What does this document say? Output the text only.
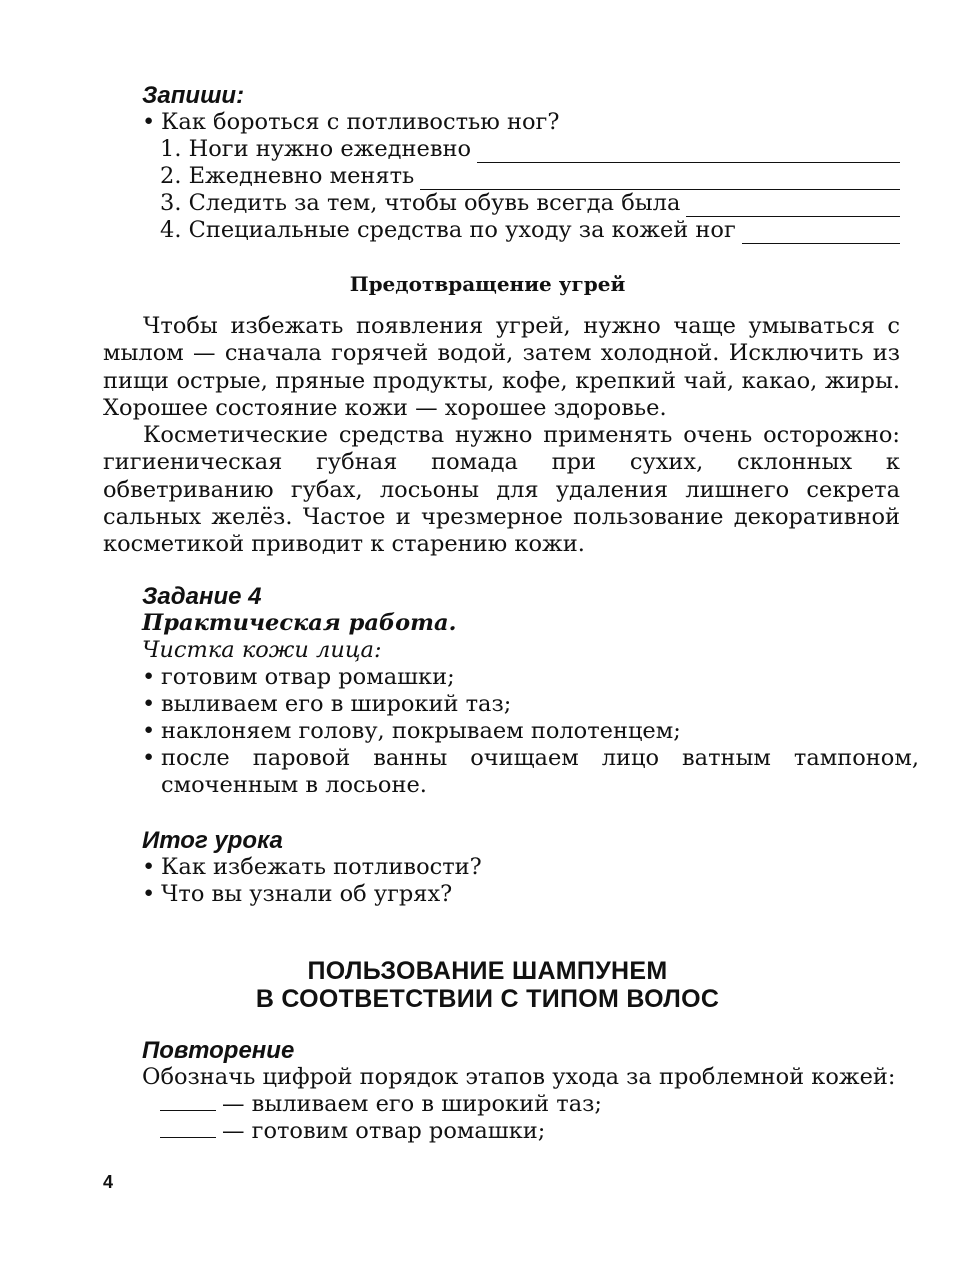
Запиши:
• Как бороться с потливостью ног?
1. Ноги нужно ежедневно
2. Ежедневно менять
3. Следить за тем, чтобы обувь всегда была
4. Специальные средства по уходу за кожей ног
Предотвращение угрей
Чтобы избежать появления угрей, нужно чаще умываться с мылом — сначала горячей водой, затем холодной. Исключить из пищи острые, пряные продукты, кофе, крепкий чай, какао, жиры. Хорошее состояние кожи — хорошее здоровье.
Косметические средства нужно применять очень осторожно: гигиеническая губная помада при сухих, склонных к обветриванию губах, лосьоны для удаления лишнего секрета сальных желёз. Частое и чрезмерное пользование декоративной косметикой приводит к старению кожи.
Задание 4
Практическая работа.
Чистка кожи лица:
• готовим отвар ромашки;
• выливаем его в широкий таз;
• наклоняем голову, покрываем полотенцем;
• после паровой ванны очищаем лицо ватным тампоном, смоченным в лосьоне.
Итог урока
• Как избежать потливости?
• Что вы узнали об угрях?
ПОЛЬЗОВАНИЕ ШАМПУНЕМ
В СООТВЕТСТВИИ С ТИПОМ ВОЛОС
Повторение
Обозначь цифрой порядок этапов ухода за проблемной кожей:
— выливаем его в широкий таз;
— готовим отвар ромашки;
4
